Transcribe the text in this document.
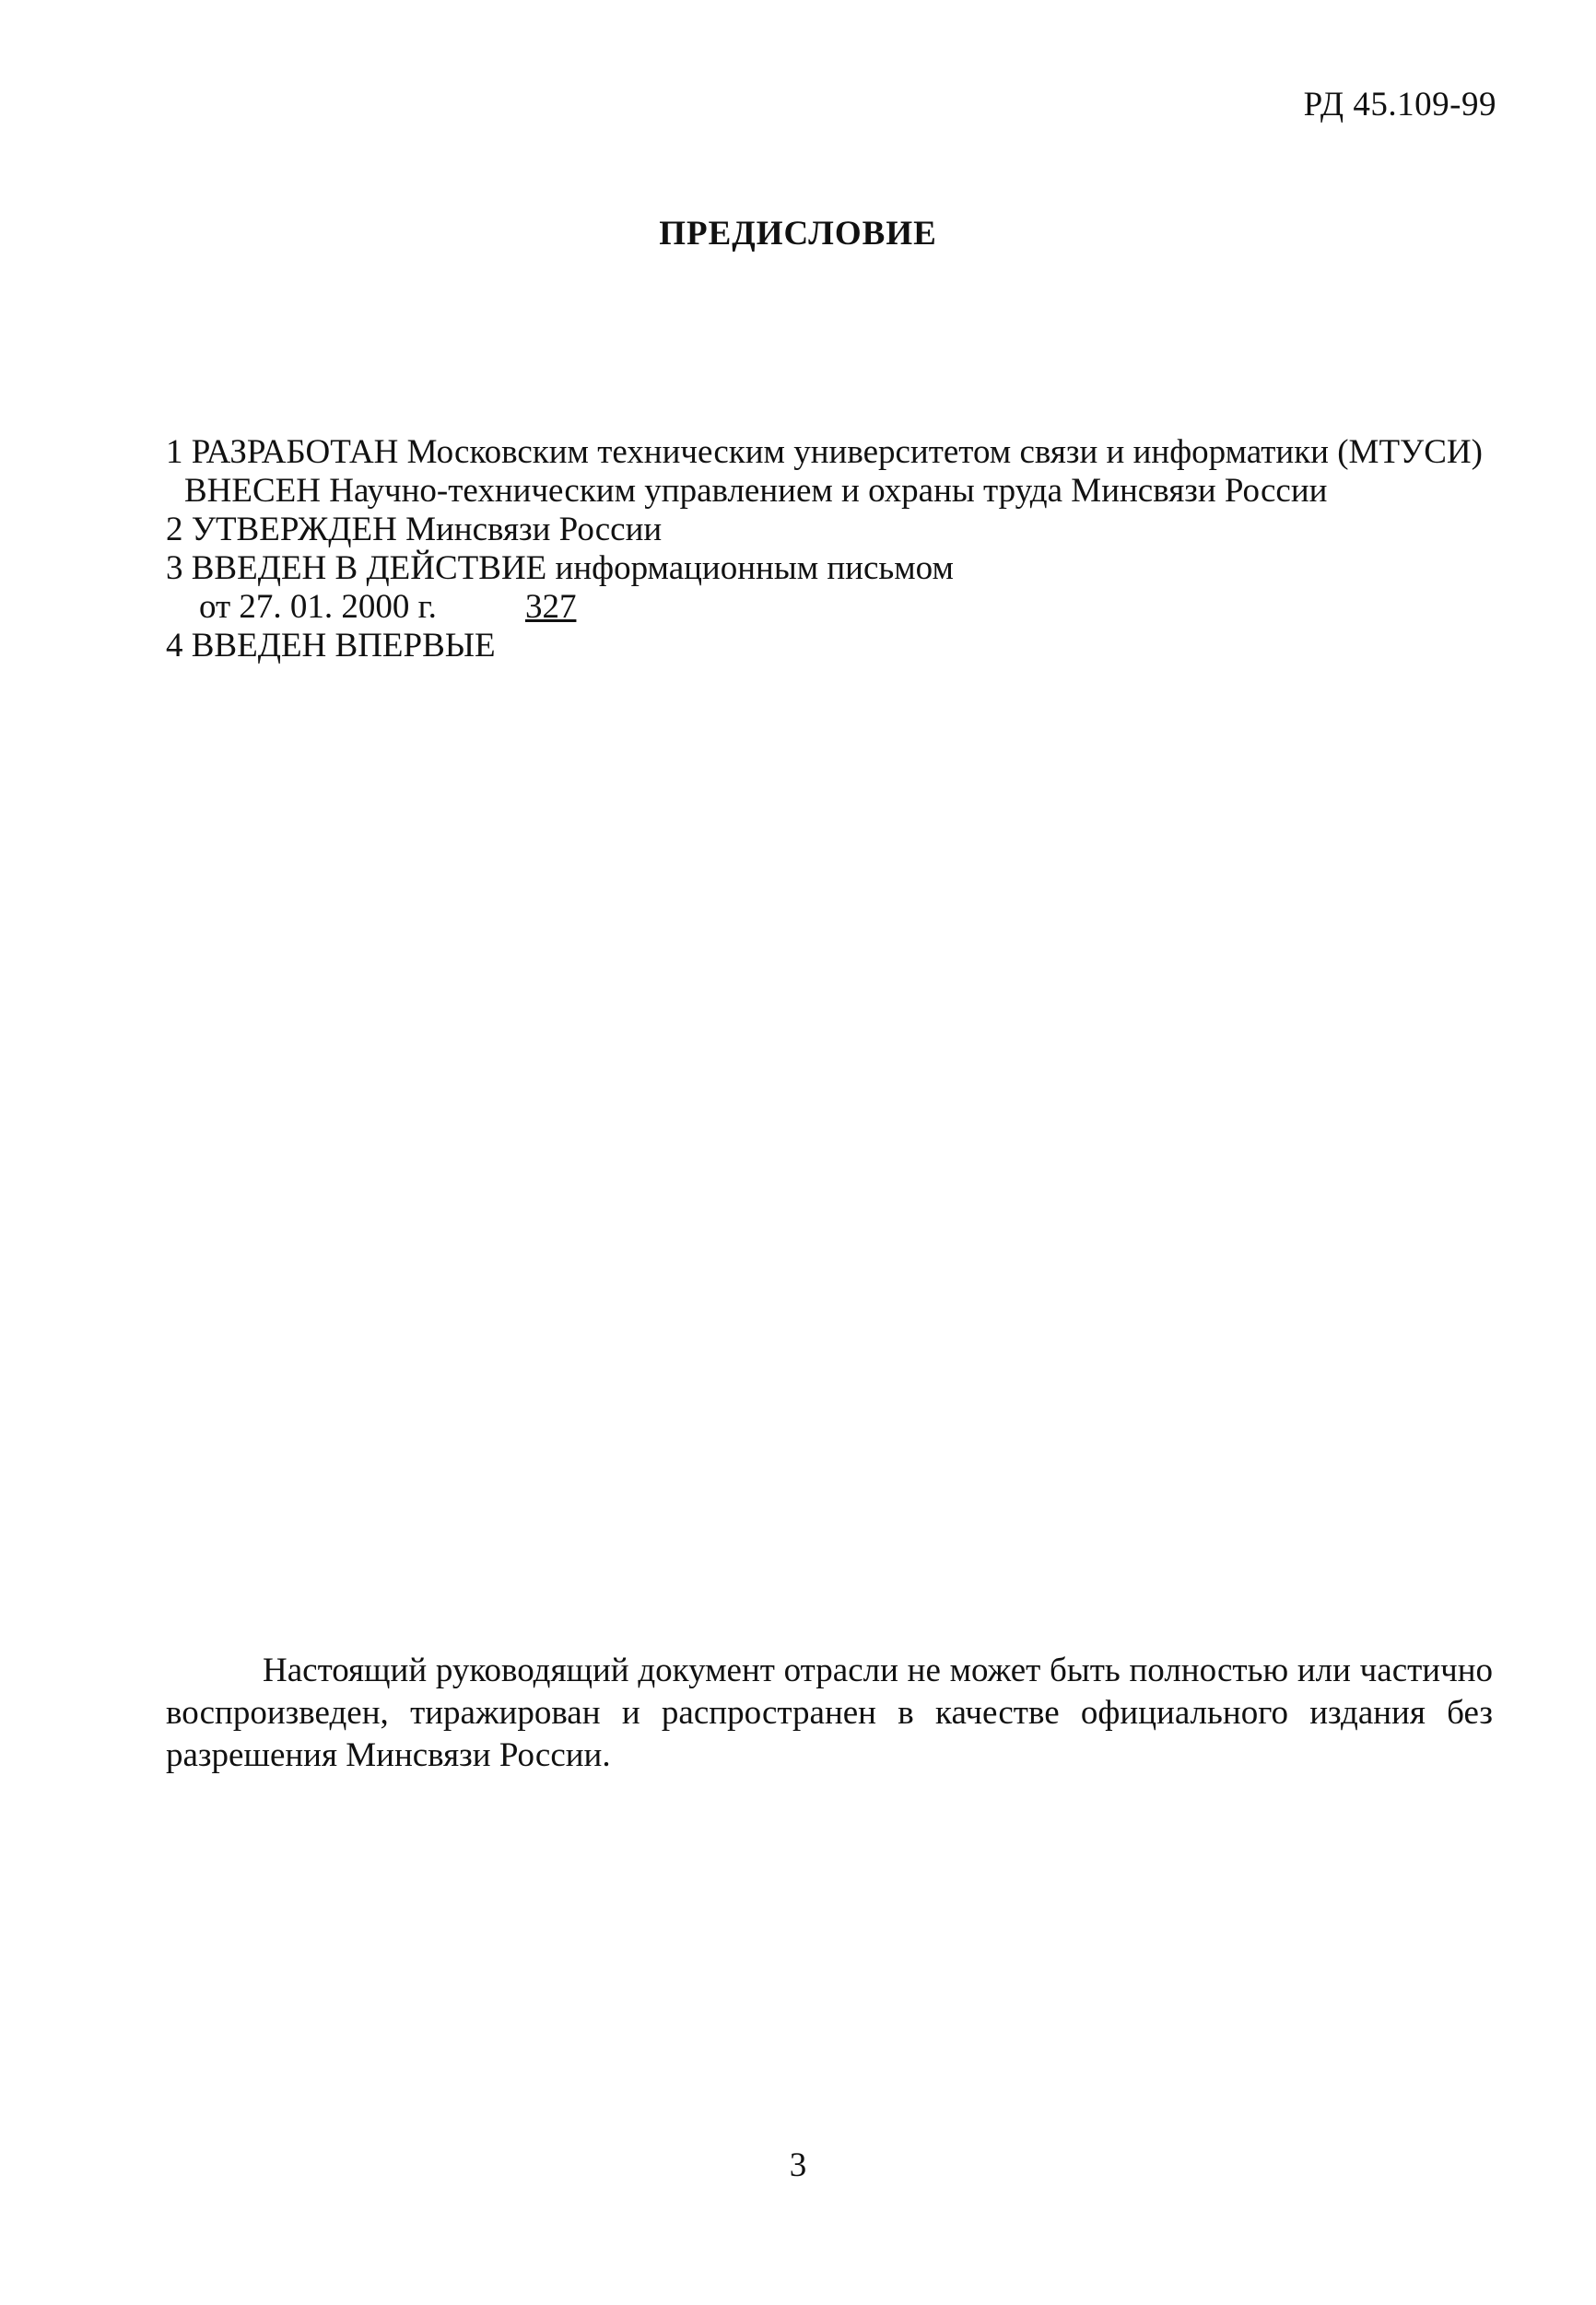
РД 45.109-99
ПРЕДИСЛОВИЕ
1 РАЗРАБОТАН Московским техническим университетом связи и информатики (МТУСИ)
ВНЕСЕН Научно-техническим управлением и охраны труда Минсвязи России
2 УТВЕРЖДЕН Минсвязи России
3 ВВЕДЕН В ДЕЙСТВИЕ информационным письмом
от 27. 01. 2000 г.	327
4 ВВЕДЕН ВПЕРВЫЕ
Настоящий руководящий документ отрасли не может быть полностью или частично воспроизведен, тиражирован и распространен в качестве официального издания без разрешения Минсвязи России.
3
